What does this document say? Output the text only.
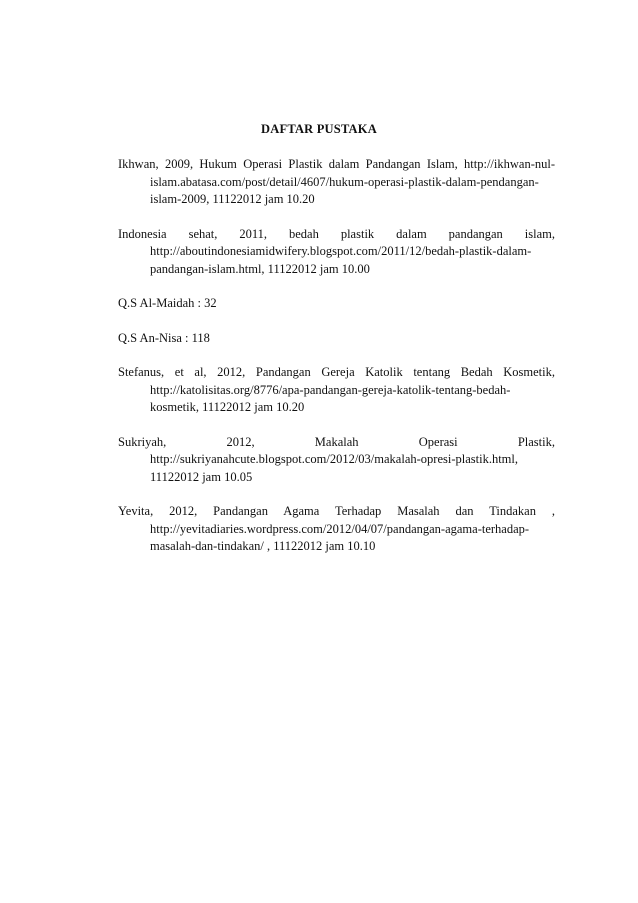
DAFTAR PUSTAKA

Ikhwan, 2009, Hukum Operasi Plastik dalam Pandangan Islam, http://ikhwan-nul-islam.abatasa.com/post/detail/4607/hukum-operasi-plastik-dalam-pendangan-islam-2009, 11122012 jam 10.20

Indonesia sehat, 2011, bedah plastik dalam pandangan islam, http://aboutindonesiamidwifery.blogspot.com/2011/12/bedah-plastik-dalam-pandangan-islam.html, 11122012 jam 10.00

Q.S Al-Maidah : 32

Q.S An-Nisa : 118

Stefanus, et al, 2012, Pandangan Gereja Katolik tentang Bedah Kosmetik, http://katolisitas.org/8776/apa-pandangan-gereja-katolik-tentang-bedah-kosmetik, 11122012 jam 10.20

Sukriyah, 2012, Makalah Operasi Plastik, http://sukriyanahcute.blogspot.com/2012/03/makalah-opresi-plastik.html, 11122012 jam 10.05

Yevita, 2012, Pandangan Agama Terhadap Masalah dan Tindakan , http://yevitadiaries.wordpress.com/2012/04/07/pandangan-agama-terhadap-masalah-dan-tindakan/ , 11122012 jam 10.10
